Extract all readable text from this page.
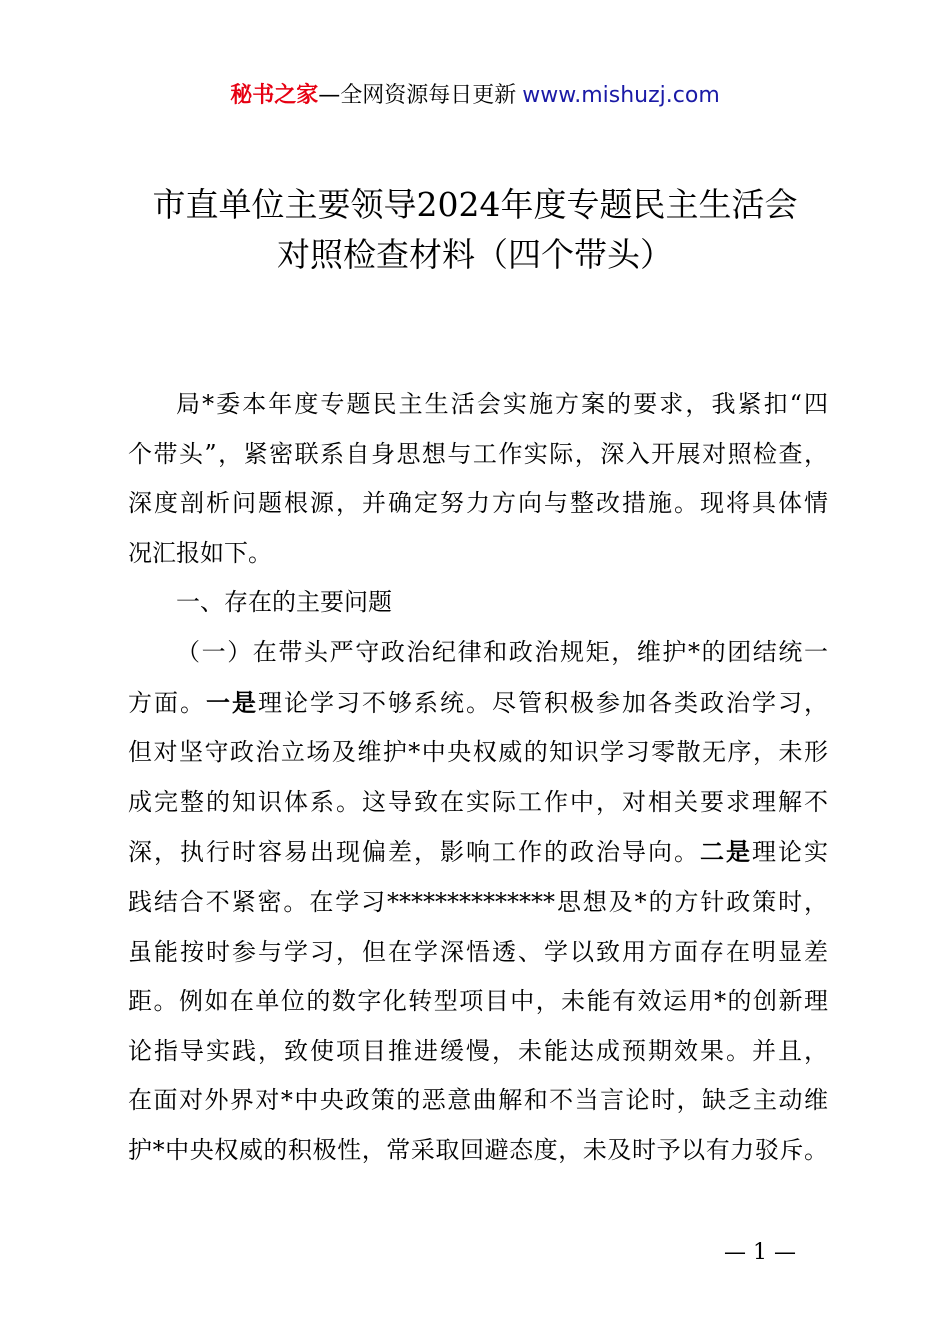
秘书之家—全网资源每日更新 www.mishuzj.com
市直单位主要领导2024年度专题民主生活会
对照检查材料（四个带头）
局*委本年度专题民主生活会实施方案的要求，我紧扣“四
个带头”，紧密联系自身思想与工作实际，深入开展对照检查，
深度剖析问题根源，并确定努力方向与整改措施。现将具体情
况汇报如下。
一、存在的主要问题
（一）在带头严守政治纪律和政治规矩，维护*的团结统一
方面。一是理论学习不够系统。尽管积极参加各类政治学习，
但对坚守政治立场及维护*中央权威的知识学习零散无序，未形
成完整的知识体系。这导致在实际工作中，对相关要求理解不
深，执行时容易出现偏差，影响工作的政治导向。二是理论实
践结合不紧密。在学习**************思想及*的方针政策时，
虽能按时参与学习，但在学深悟透、学以致用方面存在明显差
距。例如在单位的数字化转型项目中，未能有效运用*的创新理
论指导实践，致使项目推进缓慢，未能达成预期效果。并且，
在面对外界对*中央政策的恶意曲解和不当言论时，缺乏主动维
护*中央权威的积极性，常采取回避态度，未及时予以有力驳斥。
— 1 —
